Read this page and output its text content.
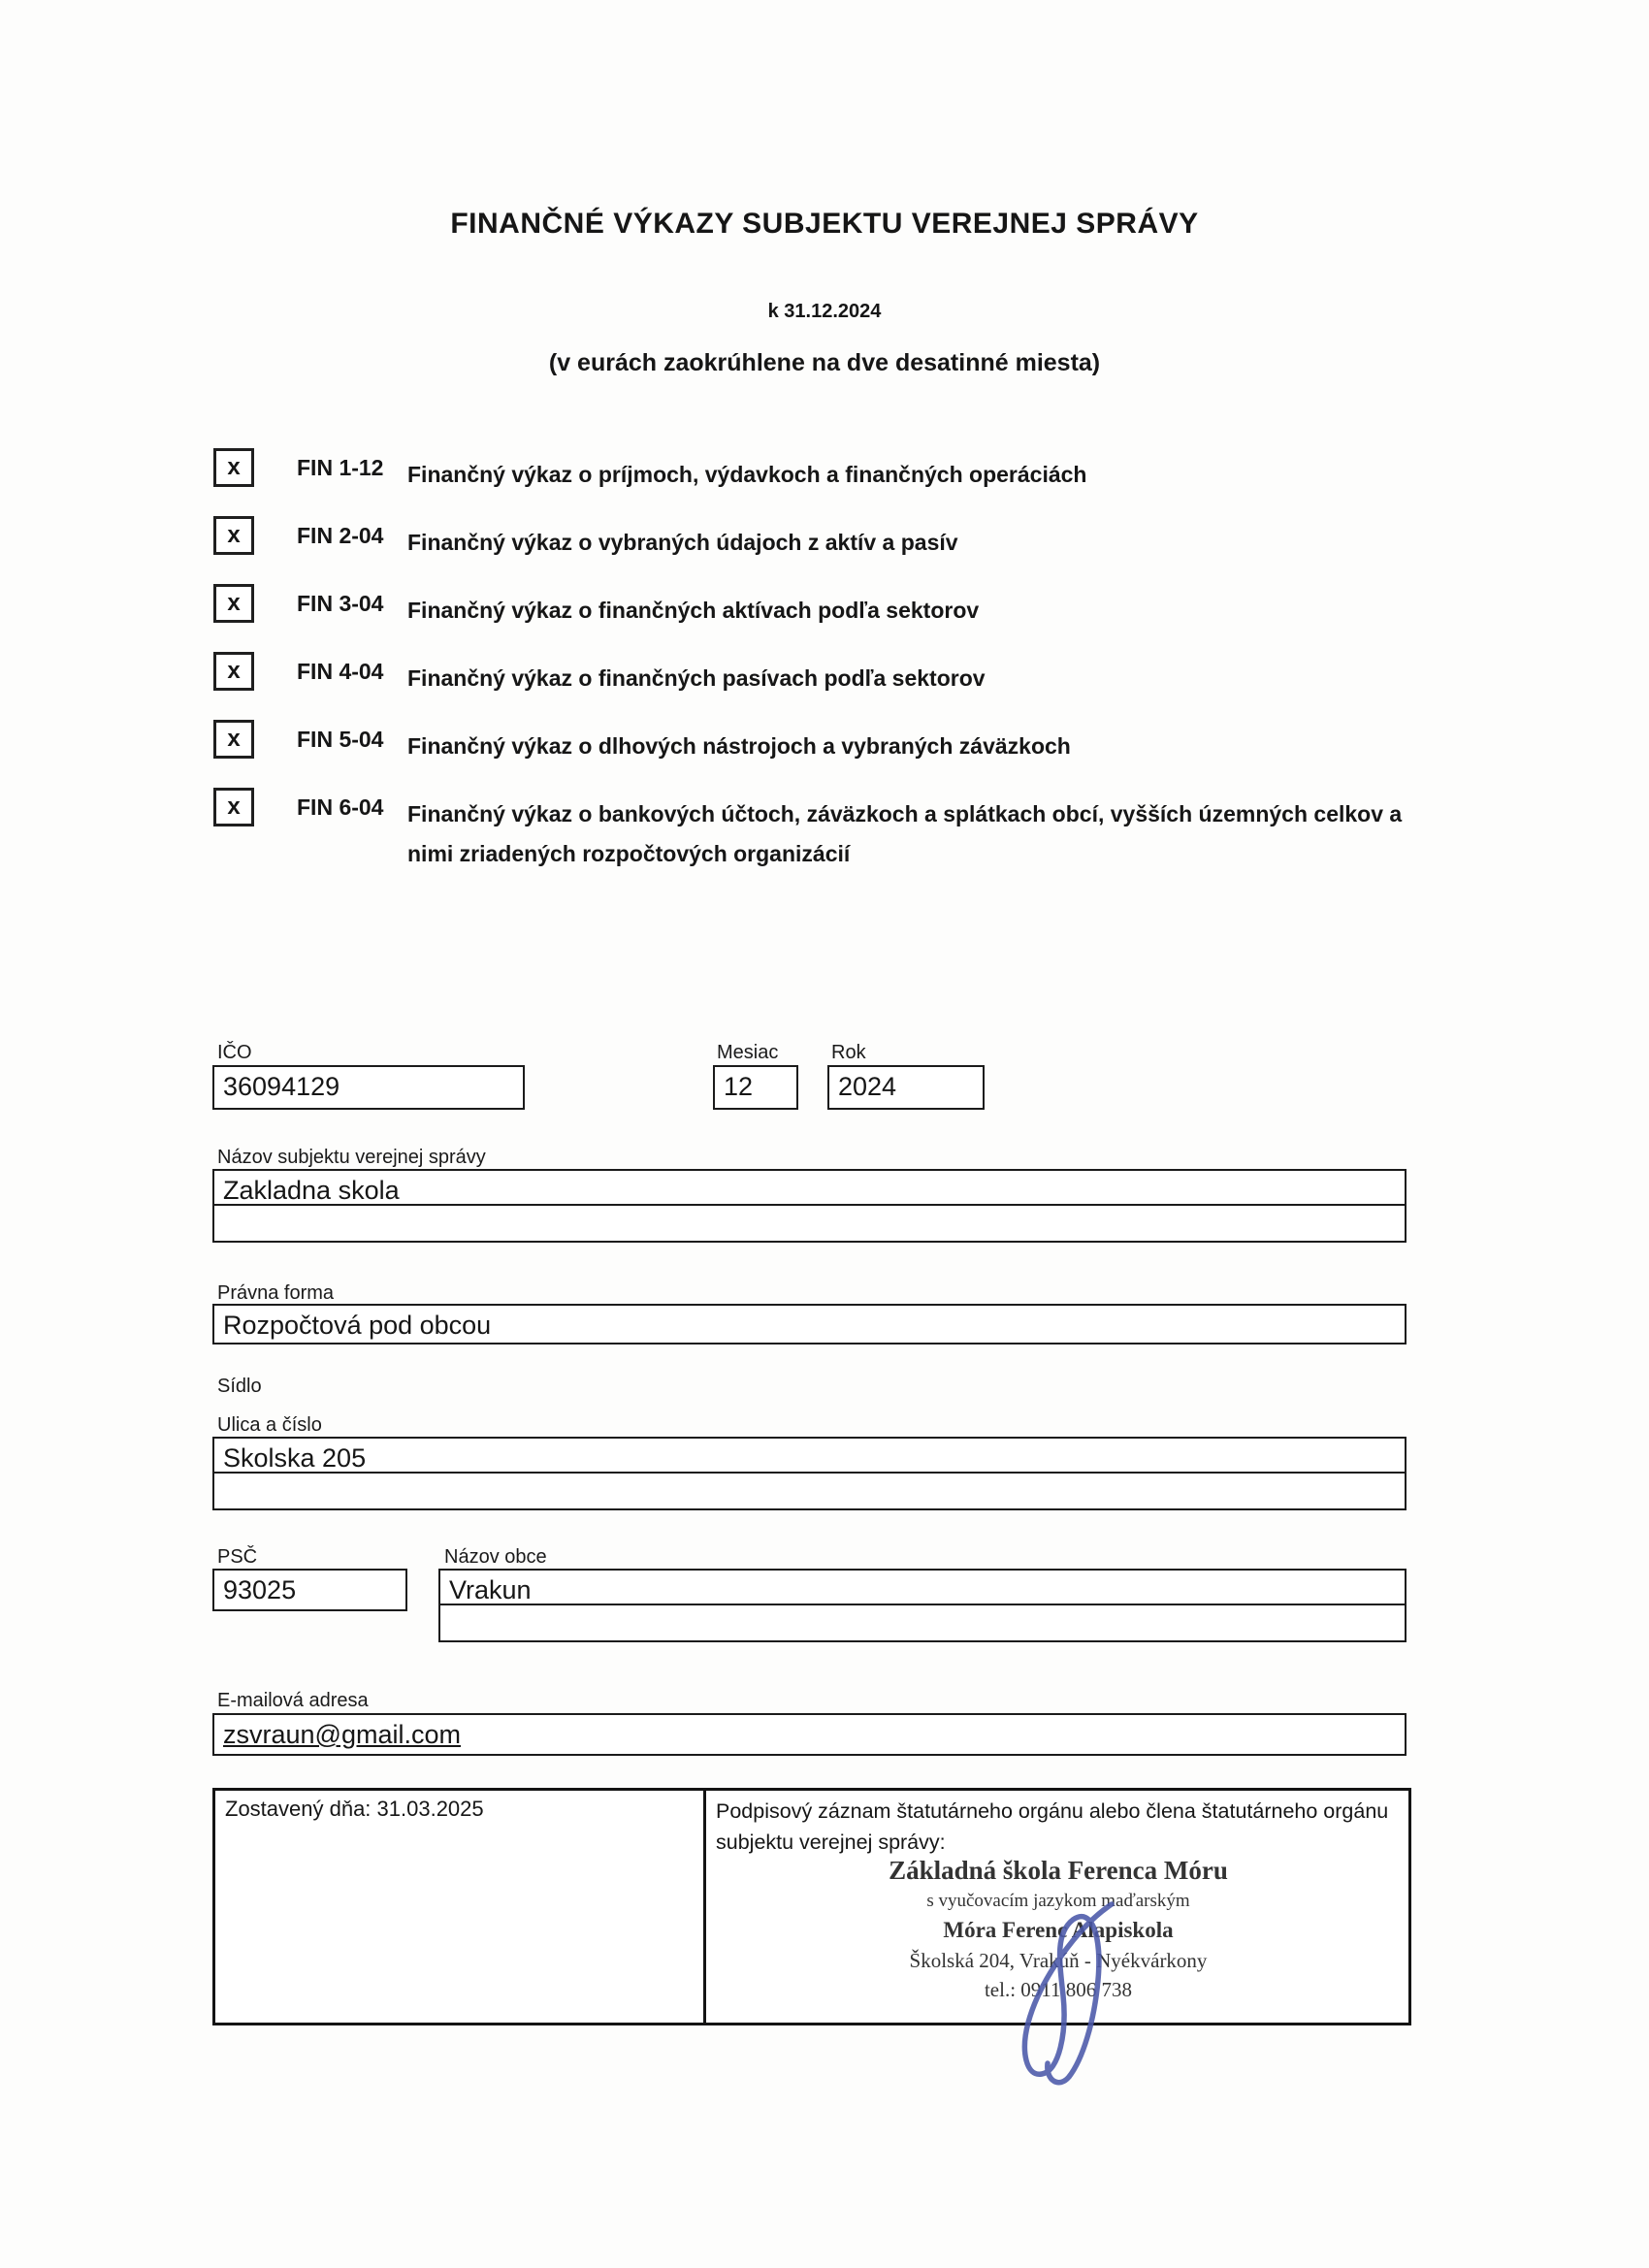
FINANČNÉ VÝKAZY SUBJEKTU VEREJNEJ SPRÁVY
k 31.12.2024
(v eurách zaokrúhlene na dve desatinné miesta)
x	FIN 1-12 Finančný výkaz o príjmoch, výdavkoch a finančných operáciách
x	FIN 2-04 Finančný výkaz o vybraných údajoch z aktív a pasív
x	FIN 3-04 Finančný výkaz o finančných aktívach podľa sektorov
x	FIN 4-04 Finančný výkaz o finančných pasívach podľa sektorov
x	FIN 5-04 Finančný výkaz o dlhových nástrojoch a vybraných záväzkoch
x	FIN 6-04 Finančný výkaz o bankových účtoch, záväzkoch a splátkach obcí, vyšších územných celkov a nimi zriadených rozpočtových organizácií
IČO
36094129
Mesiac
12
Rok
2024
Názov subjektu verejnej správy
Zakladna skola
Právna forma
Rozpočtová pod obcou
Sídlo
Ulica a číslo
Skolska 205
PSČ
93025
Názov obce
Vrakun
E-mailová adresa
zsvraun@gmail.com
Zostavený dňa: 31.03.2025	Podpisový záznam štatutárneho orgánu alebo člena štatutárneho orgánu
subjektu verejnej správy:
Základná škola Ferenca Móru
s vyučovacím jazykom maďarským
Móra Ferenc Alapiskola
Školská 204, Vrakúň - Nyékvárkony
tel.: 0911 806 738
